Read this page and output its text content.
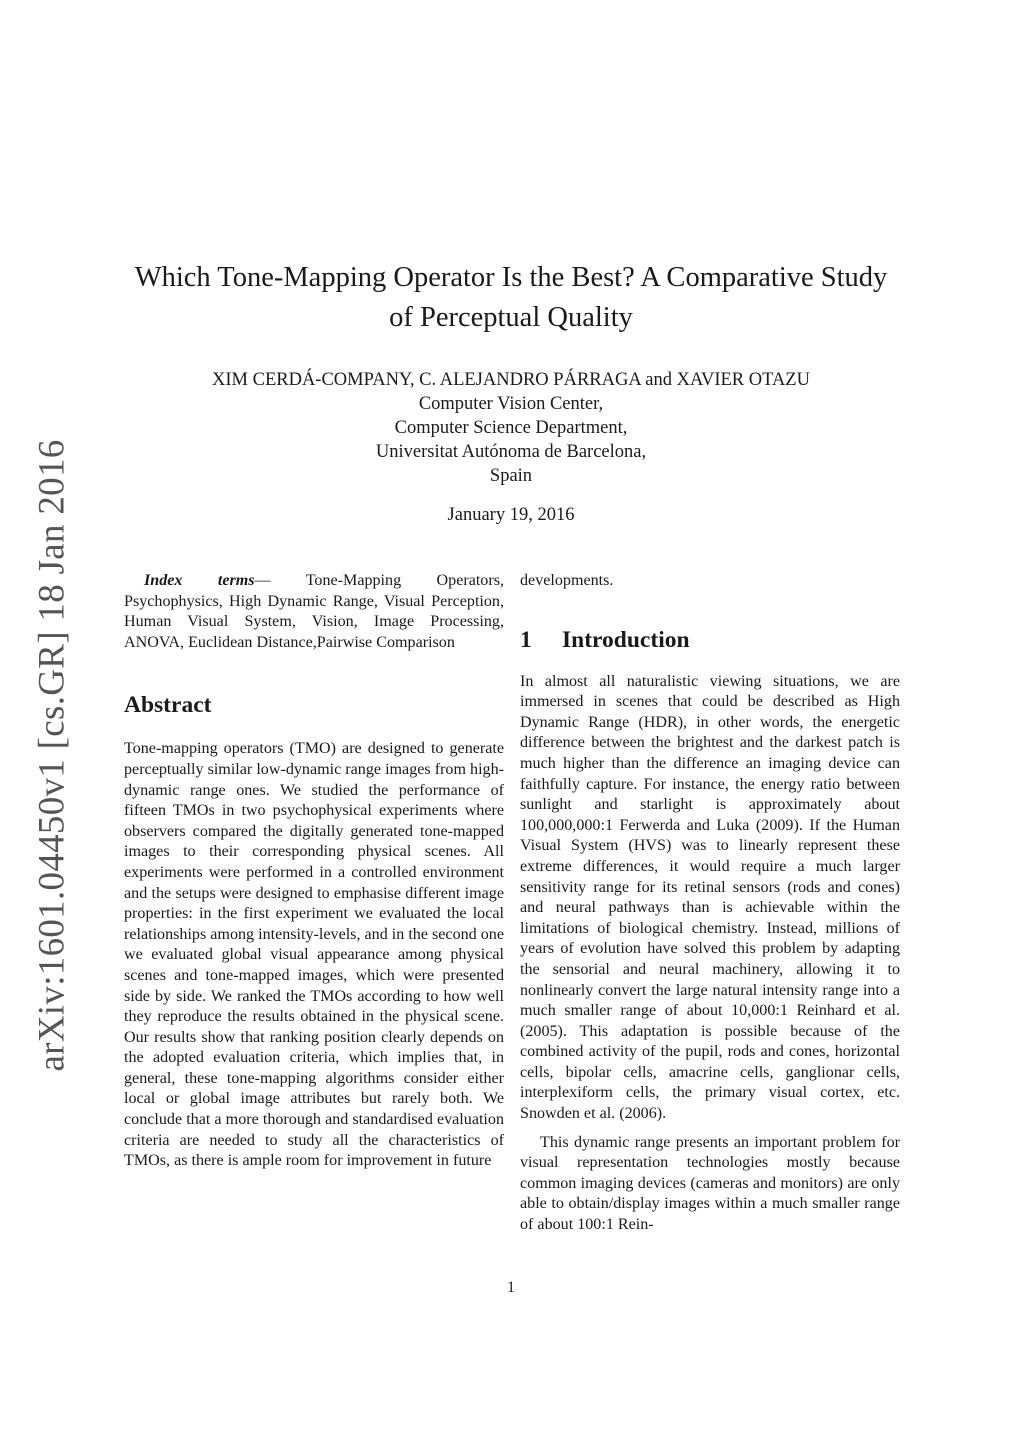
arXiv:1601.04450v1 [cs.GR] 18 Jan 2016
Which Tone-Mapping Operator Is the Best? A Comparative Study of Perceptual Quality
XIM CERDÁ-COMPANY, C. ALEJANDRO PÁRRAGA and XAVIER OTAZU
Computer Vision Center,
Computer Science Department,
Universitat Autónoma de Barcelona,
Spain
January 19, 2016

Index terms— Tone-Mapping Operators, Psychophysics, High Dynamic Range, Visual Perception, Human Visual System, Vision, Image Processing, ANOVA, Euclidean Distance,Pairwise Comparison

Abstract

Tone-mapping operators (TMO) are designed to generate perceptually similar low-dynamic range images from high-dynamic range ones. We studied the performance of fifteen TMOs in two psychophysical experiments where observers compared the digitally generated tone-mapped images to their corresponding physical scenes. All experiments were performed in a controlled environment and the setups were designed to emphasise different image properties: in the first experiment we evaluated the local relationships among intensity-levels, and in the second one we evaluated global visual appearance among physical scenes and tone-mapped images, which were presented side by side. We ranked the TMOs according to how well they reproduce the results obtained in the physical scene. Our results show that ranking position clearly depends on the adopted evaluation criteria, which implies that, in general, these tone-mapping algorithms consider either local or global image attributes but rarely both. We conclude that a more thorough and standardised evaluation criteria are needed to study all the characteristics of TMOs, as there is ample room for improvement in future

developments.

1	Introduction

In almost all naturalistic viewing situations, we are immersed in scenes that could be described as High Dynamic Range (HDR), in other words, the energetic difference between the brightest and the darkest patch is much higher than the difference an imaging device can faithfully capture. For instance, the energy ratio between sunlight and starlight is approximately about 100,000,000:1 Ferwerda and Luka (2009). If the Human Visual System (HVS) was to linearly represent these extreme differences, it would require a much larger sensitivity range for its retinal sensors (rods and cones) and neural pathways than is achievable within the limitations of biological chemistry. Instead, millions of years of evolution have solved this problem by adapting the sensorial and neural machinery, allowing it to nonlinearly convert the large natural intensity range into a much smaller range of about 10,000:1 Reinhard et al. (2005). This adaptation is possible because of the combined activity of the pupil, rods and cones, horizontal cells, bipolar cells, amacrine cells, ganglionar cells, interplexiform cells, the primary visual cortex, etc. Snowden et al. (2006).

This dynamic range presents an important problem for visual representation technologies mostly because common imaging devices (cameras and monitors) are only able to obtain/display images within a much smaller range of about 100:1 Rein-

1
